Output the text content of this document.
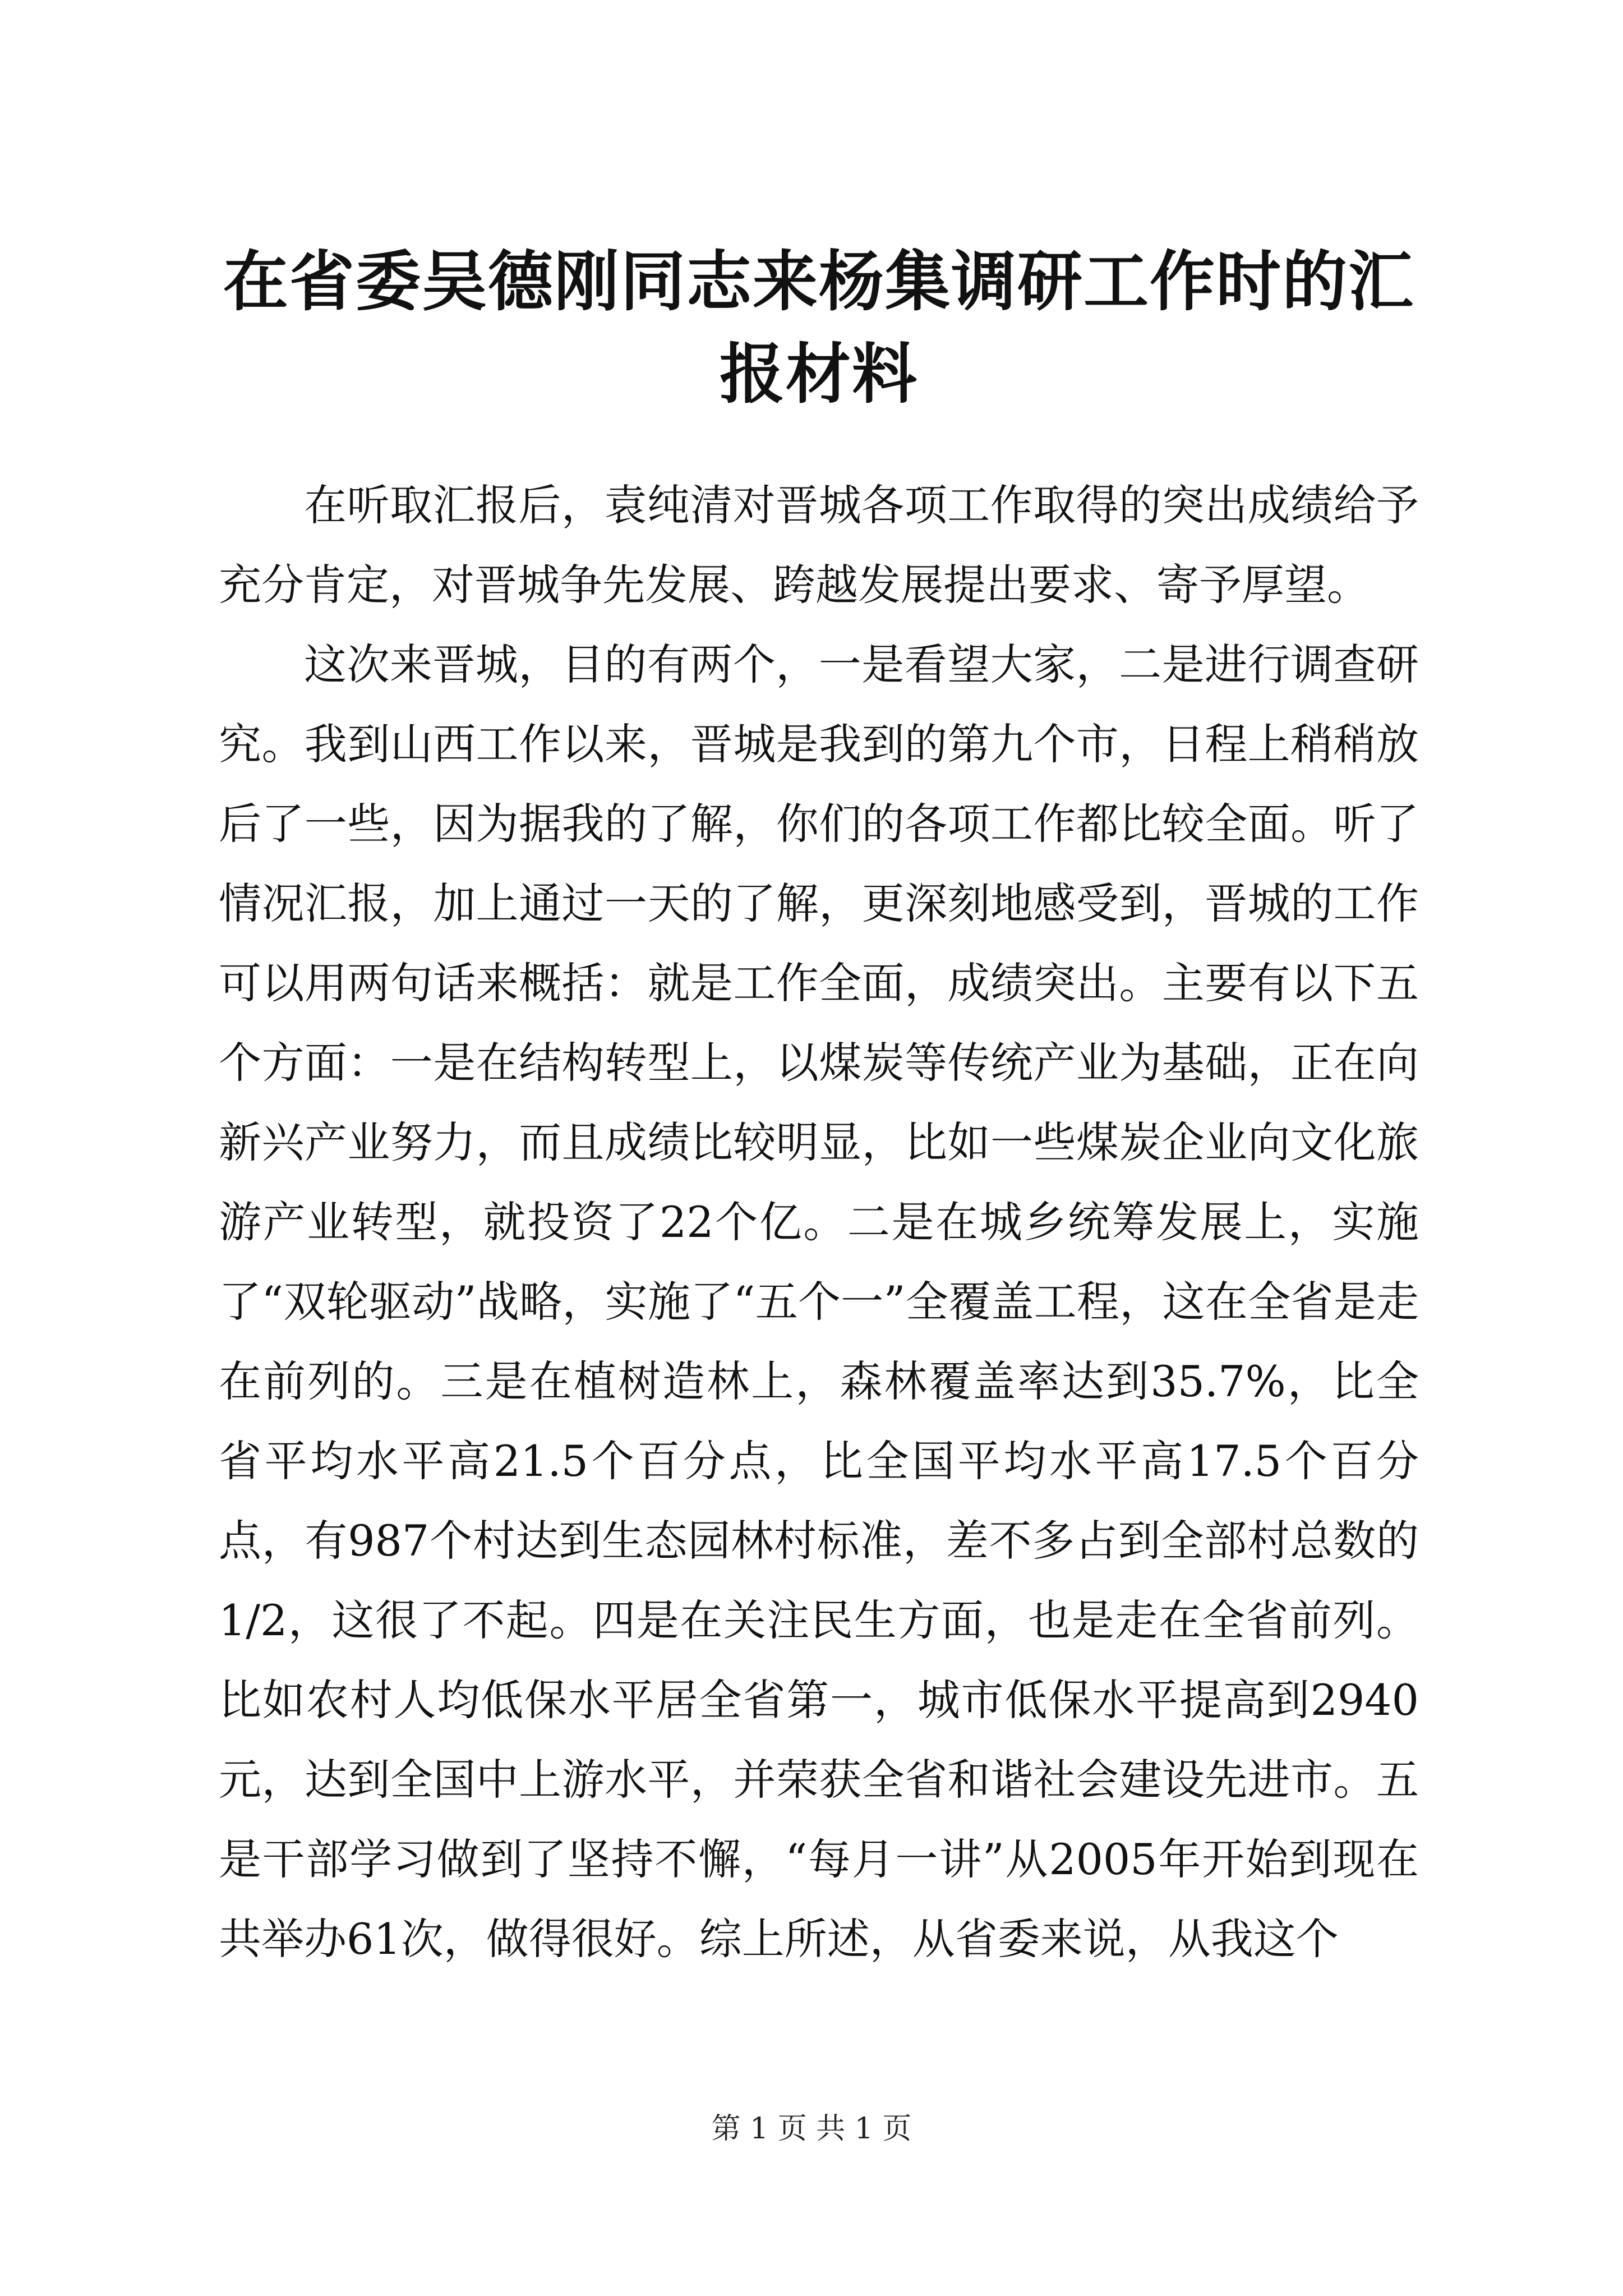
在省委吴德刚同志来杨集调研工作时的汇报材料

在听取汇报后，袁纯清对晋城各项工作取得的突出成绩给予充分肯定，对晋城争先发展、跨越发展提出要求、寄予厚望。

这次来晋城，目的有两个，一是看望大家，二是进行调查研究。我到山西工作以来，晋城是我到的第九个市，日程上稍稍放后了一些，因为据我的了解，你们的各项工作都比较全面。听了情况汇报，加上通过一天的了解，更深刻地感受到，晋城的工作可以用两句话来概括：就是工作全面，成绩突出。主要有以下五个方面：一是在结构转型上，以煤炭等传统产业为基础，正在向新兴产业努力，而且成绩比较明显，比如一些煤炭企业向文化旅游产业转型，就投资了22个亿。二是在城乡统筹发展上，实施了“双轮驱动”战略，实施了“五个一”全覆盖工程，这在全省是走在前列的。三是在植树造林上，森林覆盖率达到35.7%，比全省平均水平高21.5个百分点，比全国平均水平高17.5个百分点，有987个村达到生态园林村标准，差不多占到全部村总数的1/2，这很了不起。四是在关注民生方面，也是走在全省前列。比如农村人均低保水平居全省第一，城市低保水平提高到2940元，达到全国中上游水平，并荣获全省和谐社会建设先进市。五是干部学习做到了坚持不懈，“每月一讲”从2005年开始到现在共举办61次，做得很好。综上所述，从省委来说，从我这个

第 1 页 共 1 页
